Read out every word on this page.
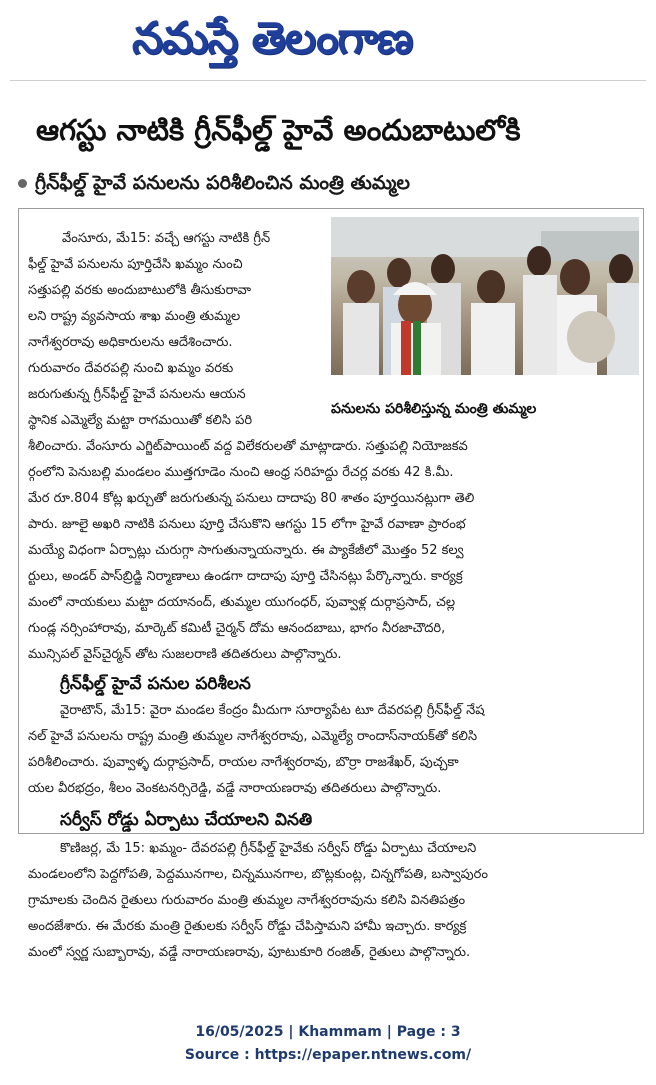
నమస్తే తెలంగాణ
ఆగస్టు నాటికి గ్రీన్‌ఫీల్డ్ హైవే అందుబాటులోకి
గ్రీన్‌ఫీల్డ్ హైవే పనులను పరిశీలించిన మంత్రి తుమ్మల
పనులను పరిశీలిస్తున్న మంత్రి తుమ్మల
వేంసూరు, మే15: వచ్చే ఆగస్టు నాటికి గ్రీన్
ఫీల్డ్ హైవే పనులను పూర్తిచేసి ఖమ్మం నుంచి
సత్తుపల్లి వరకు అందుబాటులోకి తీసుకురావా
లని రాష్ట్ర వ్యవసాయ శాఖ మంత్రి తుమ్మల
నాగేశ్వరరావు అధికారులను ఆదేశించారు.
గురువారం దేవరపల్లి నుంచి ఖమ్మం వరకు
జరుగుతున్న గ్రీన్‌ఫీల్డ్ హైవే పనులను ఆయన
స్థానిక ఎమ్మెల్యే మట్టా రాగమయితో కలిసి పరి
శీలించారు. వేంసూరు ఎగ్జిట్‌పాయింట్ వద్ద విలేకరులతో మాట్లాడారు. సత్తుపల్లి నియోజకవ
ర్గంలోని పెనుబల్లి మండలం ముత్తగూడెం నుంచి ఆంధ్ర సరిహద్దు రేచర్ల వరకు 42 కి.మీ.
మేర రూ.804 కోట్ల ఖర్చుతో జరుగుతున్న పనులు దాదాపు 80 శాతం పూర్తయినట్లుగా తెలి
పారు. జూలై అఖరి నాటికి పనులు పూర్తి చేసుకొని ఆగస్టు 15 లోగా హైవే రవాణా ప్రారంభ
మయ్యే విధంగా ఏర్పాట్లు చురుగ్గా సాగుతున్నాయన్నారు. ఈ ప్యాకేజీలో మొత్తం 52 కల్వ
ర్టులు, అండర్ పాస్‌బ్రిడ్జి నిర్మాణాలు ఉండగా దాదాపు పూర్తి చేసినట్లు పేర్కొన్నారు. కార్యక్ర
మంలో నాయకులు మట్టా దయానంద్, తుమ్మల యుగంధర్, పువ్వాళ్ల దుర్గాప్రసాద్, చల్ల
గుండ్ల నర్సింహారావు, మార్కెట్ కమిటీ చైర్మన్ దోమ ఆనందబాబు, భాగం నీరజాచౌదరి,
మున్సిపల్ వైస్‌చైర్మన్ తోట సుజలరాణి తదితరులు పాల్గొన్నారు.
గ్రీన్‌ఫీల్డ్ హైవే పనుల పరిశీలన
వైరాటౌన్, మే15: వైరా మండల కేంద్రం మీదుగా సూర్యాపేట టూ దేవరపల్లి గ్రీన్‌ఫీల్డ్ నేష
నల్ హైవే పనులను రాష్ట్ర మంత్రి తుమ్మల నాగేశ్వరరావు, ఎమ్మెల్యే రాందాస్‌నాయక్‌తో కలిసి
పరిశీలించారు. పువ్వాళ్ళ దుర్గాప్రసాద్, రాయల నాగేశ్వరరావు, బొర్రా రాజశేఖర్, పుచ్చకా
యల వీరభద్రం, శీలం వెంకటనర్సిరెడ్డి, వడ్డే నారాయణరావు తదితరులు పాల్గొన్నారు.
సర్వీస్ రోడ్డు ఏర్పాటు చేయాలని వినతి
కొణిజర్ల, మే 15: ఖమ్మం- దేవరపల్లి గ్రీన్‌ఫీల్డ్ హైవేకు సర్వీస్ రోడ్డు ఏర్పాటు చేయాలని
మండలంలోని పెద్దగోపతి, పెద్దమునగాల, చిన్నమునగాల, బొట్లకుంట్ల, చిన్నగోపతి, బస్వాపురం
గ్రామాలకు చెందిన రైతులు గురువారం మంత్రి తుమ్మల నాగేశ్వరరావును కలిసి వినతిపత్రం
అందజేశారు. ఈ మేరకు మంత్రి రైతులకు సర్వీస్ రోడ్డు చేపిస్తామని హామీ ఇచ్చారు. కార్యక్ర
మంలో స్వర్ణ సుబ్బారావు, వడ్డే నారాయణరావు, పూటుకూరి రంజిత్, రైతులు పాల్గొన్నారు.
16/05/2025 | Khammam | Page : 3
Source : https://epaper.ntnews.com/
